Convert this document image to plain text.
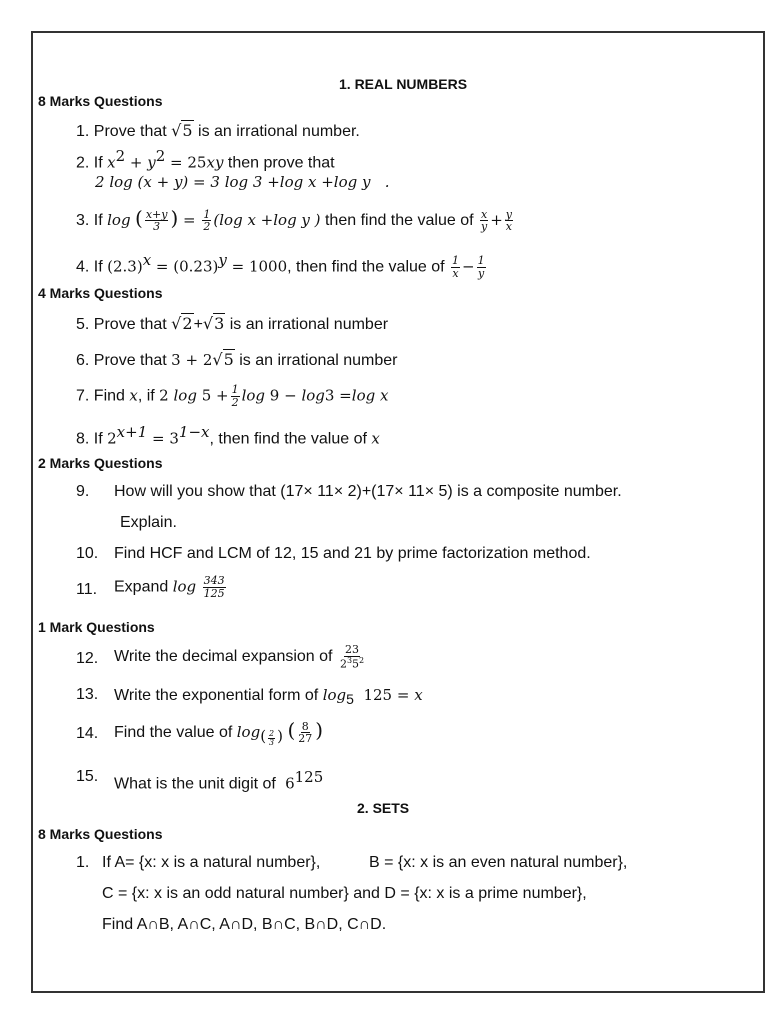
1. REAL NUMBERS
8 Marks Questions
1. Prove that √5 is an irrational number.
2. If $x^2 + y^2 = 25xy$ then prove that
2 log (x + y) = 3 log 3 +log x +log y   .
3. If log ( $\frac{x+y}{3}$ ) = $\frac{1}{2} (\log$ x +log y ) then find the value of $\frac{x}{y} + \frac{y}{x}$
4. If $(2.3)^x = (0.23)^y = 1000$, then find the value of $\frac{1}{x} - \frac{1}{y}$
4 Marks Questions
5. Prove that √2+√3 is an irrational number
6. Prove that 3 + 2√5 is an irrational number
7. Find x, if 2 $\log 5 + \frac{1}{2}$ log 9 − log3 =log x
8. If $2^{x+1} = 3^{1-x}$, then find the value of x
2 Marks Questions
9. How will you show that (17× 11× 2)+(17× 11× 5) is a composite number.
Explain.
10. Find HCF and LCM of 12, 15 and 21 by prime factorization method.
11. Expand $\log \frac{343}{125}$
1 Mark Questions
12. Write the decimal expansion of $\frac{23}{2^35^2}$
13. Write the exponential form of $\log_5 125 = x$
14. Find the value of $\log_{( \frac{2}{3} )}$ ( $\frac{8}{27}$ )
15. What is the unit digit of  $6^{125}$
2. SETS
8 Marks Questions
1. If A= {x: x is a natural number},	B = {x: x is an even natural number},
C = {x: x is an odd natural number} and D = {x: x is a prime number},
Find A∩B, A∩C, A∩D, B∩C, B∩D, C∩D.
